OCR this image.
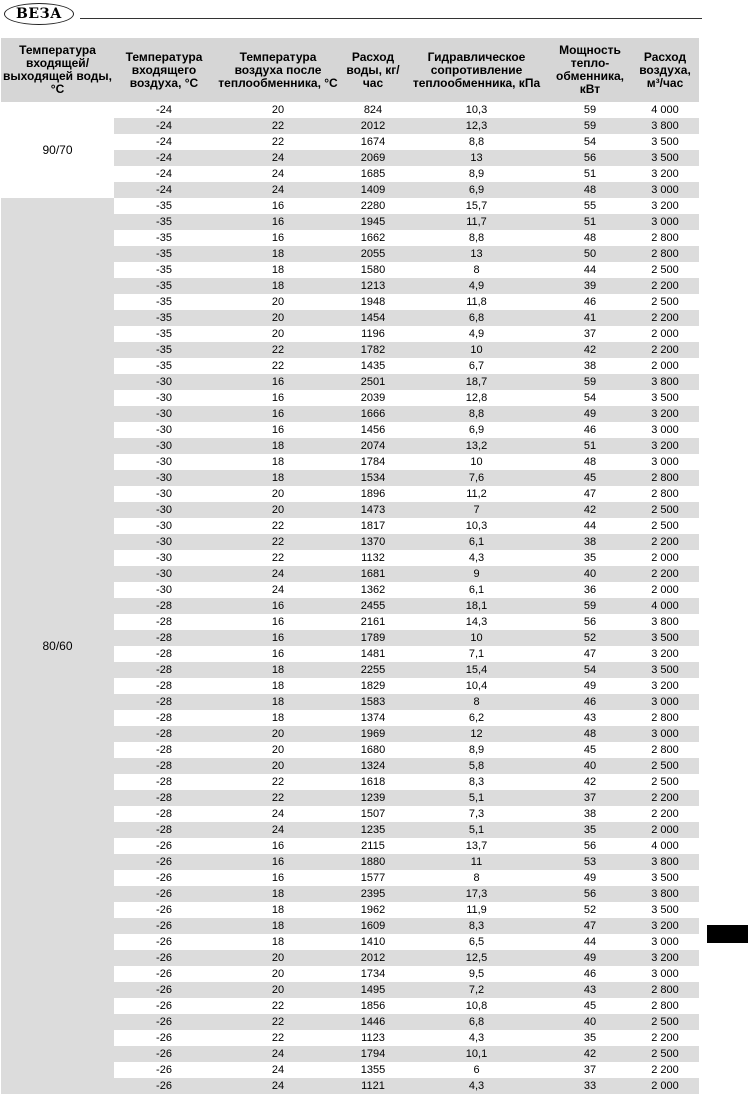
ВЕЗА
Температура входящей/ выходящей воды, °С	Температура входящего воздуха, °С	Температура воздуха после теплообменника, °С	Расход воды, кг/час	Гидравлическое сопротивление теплообменника, кПа	Мощность тепло-обменника, кВт	Расход воздуха, м³/час
90/70	-24	20	824	10,3	59	4 000
	-24	22	2012	12,3	59	3 800
	-24	22	1674	8,8	54	3 500
	-24	24	2069	13	56	3 500
	-24	24	1685	8,9	51	3 200
	-24	24	1409	6,9	48	3 000
80/60	-35	16	2280	15,7	55	3 200
	-35	16	1945	11,7	51	3 000
	-35	16	1662	8,8	48	2 800
	-35	18	2055	13	50	2 800
	-35	18	1580	8	44	2 500
	-35	18	1213	4,9	39	2 200
	-35	20	1948	11,8	46	2 500
	-35	20	1454	6,8	41	2 200
	-35	20	1196	4,9	37	2 000
	-35	22	1782	10	42	2 200
	-35	22	1435	6,7	38	2 000
	-30	16	2501	18,7	59	3 800
	-30	16	2039	12,8	54	3 500
	-30	16	1666	8,8	49	3 200
	-30	16	1456	6,9	46	3 000
	-30	18	2074	13,2	51	3 200
	-30	18	1784	10	48	3 000
	-30	18	1534	7,6	45	2 800
	-30	20	1896	11,2	47	2 800
	-30	20	1473	7	42	2 500
	-30	22	1817	10,3	44	2 500
	-30	22	1370	6,1	38	2 200
	-30	22	1132	4,3	35	2 000
	-30	24	1681	9	40	2 200
	-30	24	1362	6,1	36	2 000
	-28	16	2455	18,1	59	4 000
	-28	16	2161	14,3	56	3 800
	-28	16	1789	10	52	3 500
	-28	16	1481	7,1	47	3 200
	-28	18	2255	15,4	54	3 500
	-28	18	1829	10,4	49	3 200
	-28	18	1583	8	46	3 000
	-28	18	1374	6,2	43	2 800
	-28	20	1969	12	48	3 000
	-28	20	1680	8,9	45	2 800
	-28	20	1324	5,8	40	2 500
	-28	22	1618	8,3	42	2 500
	-28	22	1239	5,1	37	2 200
	-28	24	1507	7,3	38	2 200
	-28	24	1235	5,1	35	2 000
	-26	16	2115	13,7	56	4 000
	-26	16	1880	11	53	3 800
	-26	16	1577	8	49	3 500
	-26	18	2395	17,3	56	3 800
	-26	18	1962	11,9	52	3 500
	-26	18	1609	8,3	47	3 200
	-26	18	1410	6,5	44	3 000
	-26	20	2012	12,5	49	3 200
	-26	20	1734	9,5	46	3 000
	-26	20	1495	7,2	43	2 800
	-26	22	1856	10,8	45	2 800
	-26	22	1446	6,8	40	2 500
	-26	22	1123	4,3	35	2 200
	-26	24	1794	10,1	42	2 500
	-26	24	1355	6	37	2 200
	-26	24	1121	4,3	33	2 000
